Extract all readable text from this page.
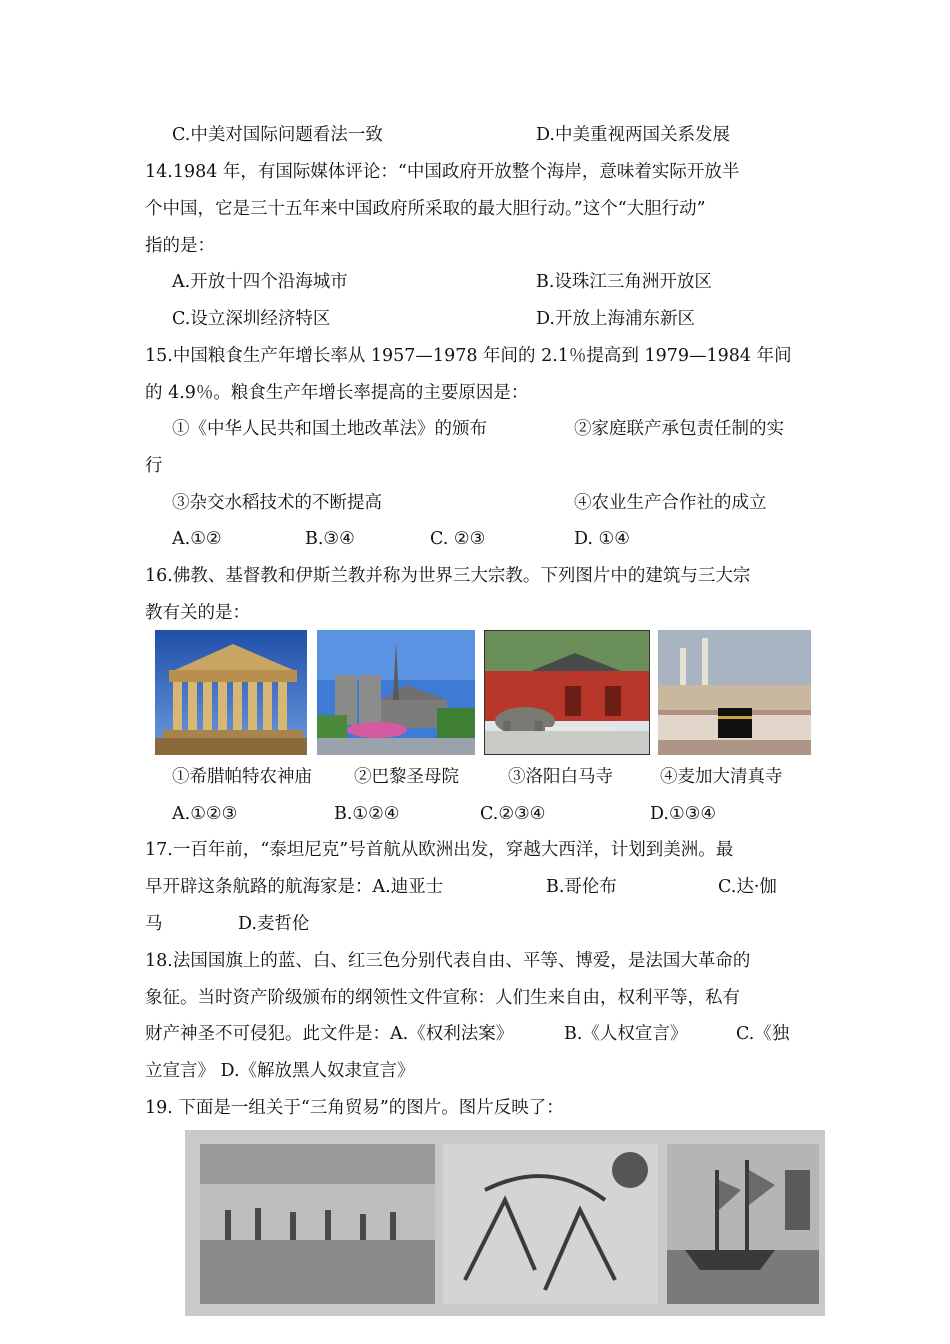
C.中美对国际问题看法一致	D.中美重视两国关系发展
14.1984 年，有国际媒体评论：“中国政府开放整个海岸，意味着实际开放半
个中国，它是三十五年来中国政府所采取的最大胆行动。”这个“大胆行动”
指的是：
A.开放十四个沿海城市	B.设珠江三角洲开放区
C.设立深圳经济特区	D.开放上海浦东新区
15.中国粮食生产年增长率从 1957—1978 年间的 2.1％提高到 1979—1984 年间
的 4.9％。粮食生产年增长率提高的主要原因是：
①《中华人民共和国土地改革法》的颁布	②家庭联产承包责任制的实
行
③杂交水稻技术的不断提高	④农业生产合作社的成立
A.①②	B.③④	C. ②③	D. ①④
16.佛教、基督教和伊斯兰教并称为世界三大宗教。下列图片中的建筑与三大宗
教有关的是：
①希腊帕特农神庙 ②巴黎圣母院	③洛阳白马寺	④麦加大清真寺
A.①②③	B.①②④	C.②③④	D.①③④
17.一百年前，“泰坦尼克”号首航从欧洲出发，穿越大西洋，计划到美洲。最
早开辟这条航路的航海家是：A.迪亚士	B.哥伦布	C.达·伽
马	D.麦哲伦
18.法国国旗上的蓝、白、红三色分别代表自由、平等、博爱，是法国大革命的
象征。当时资产阶级颁布的纲领性文件宣称：人们生来自由，权利平等，私有
财产神圣不可侵犯。此文件是：A.《权利法案》	B.《人权宣言》	C.《独
立宣言》 D.《解放黑人奴隶宣言》
19. 下面是一组关于“三角贸易”的图片。图片反映了：
